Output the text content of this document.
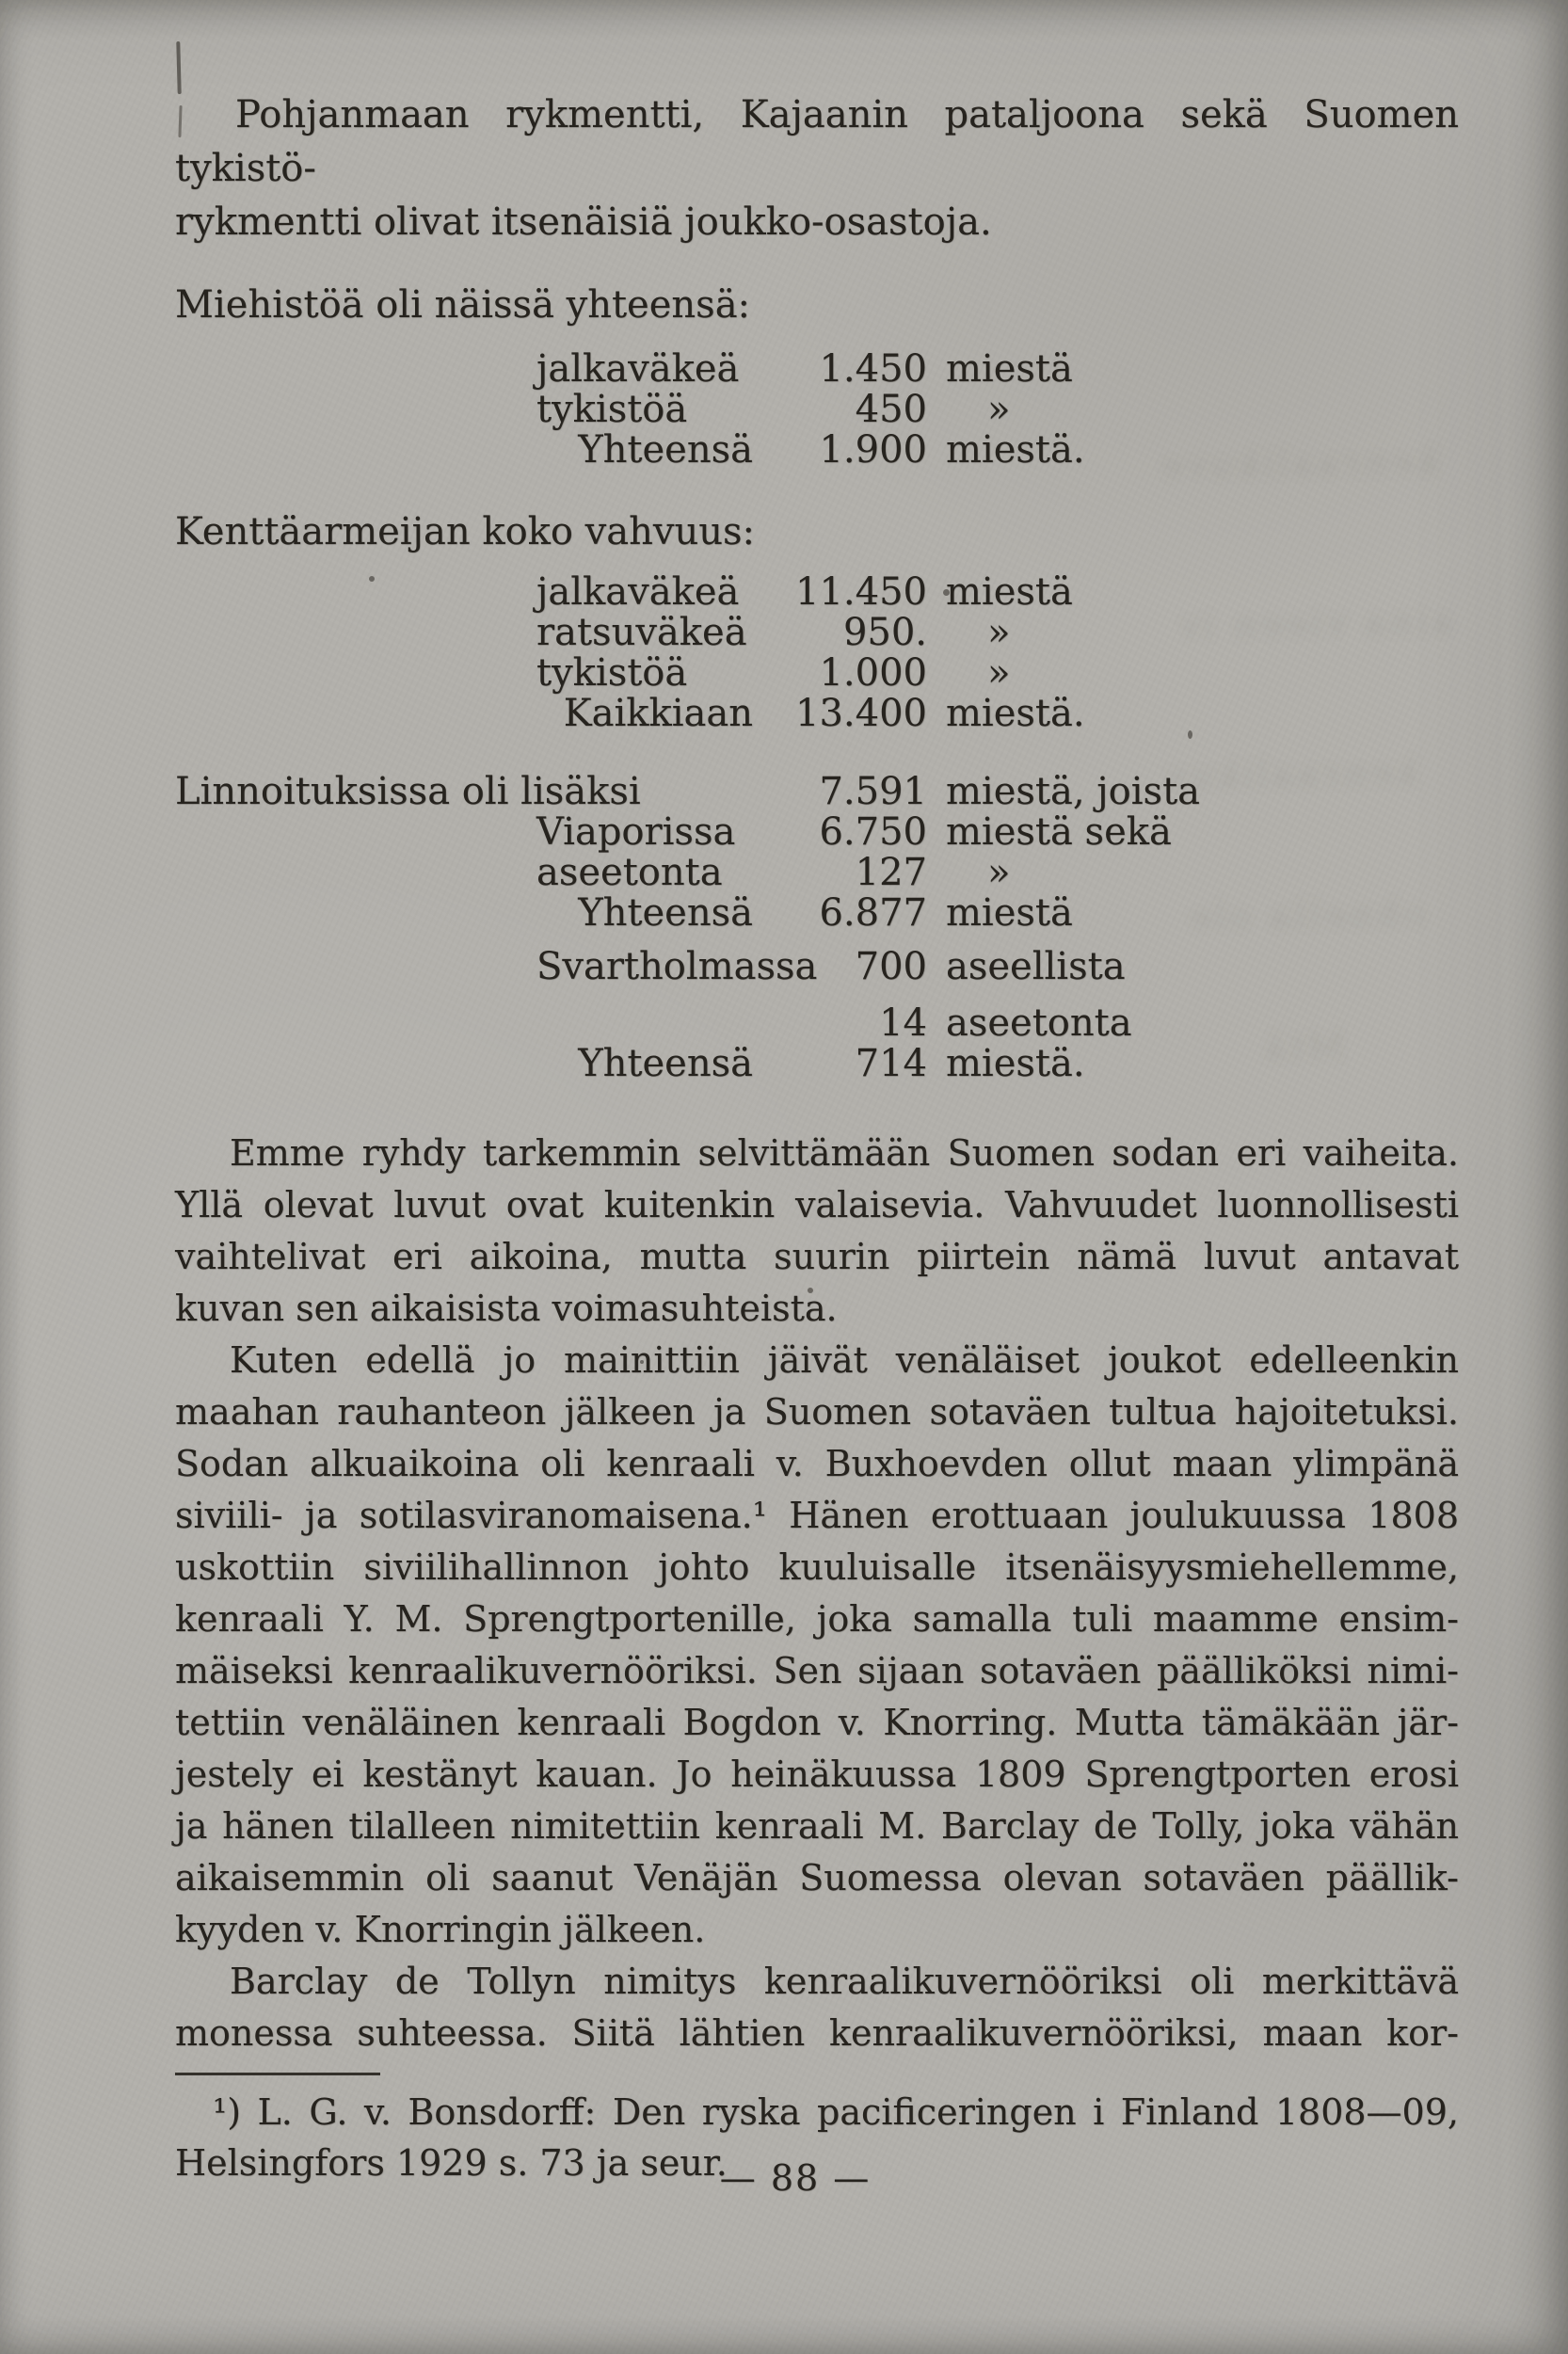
kenraalikuve
aina vieen iv
kenraalikuv
ohnella ole
Mtä
Pohjanmaan rykmentti, Kajaanin pataljoona sekä Suomen tykistö-
rykmentti olivat itsenäisiä joukko-osastoja.
Miehistöä oli näissä yhteensä:
jalkaväkeä	1.450 miestä
tykistöä	450	»
Yhteensä	1.900 miestä.
Kenttäarmeijan koko vahvuus:
jalkaväkeä	11.450 miestä
ratsuväkeä	950.	»
tykistöä	1.000	»
Kaikkiaan	13.400 miestä.
Linnoituksissa oli lisäksi	7.591 miestä, joista
Viaporissa	6.750 miestä sekä
aseetonta	127	»
Yhteensä	6.877 miestä
Svartholmassa	700 aseellista
14 aseetonta
Yhteensä	714 miestä.
Emme ryhdy tarkemmin selvittämään Suomen sodan eri vaiheita.
Yllä olevat luvut ovat kuitenkin valaisevia. Vahvuudet luonnollisesti
vaihtelivat eri aikoina, mutta suurin piirtein nämä luvut antavat
kuvan sen aikaisista voimasuhteista.
Kuten edellä jo mainittiin jäivät venäläiset joukot edelleenkin
maahan rauhanteon jälkeen ja Suomen sotaväen tultua hajoitetuksi.
Sodan alkuaikoina oli kenraali v. Buxhoevden ollut maan ylimpänä
siviili- ja sotilasviranomaisena.¹ Hänen erottuaan joulukuussa 1808
uskottiin siviilihallinnon johto kuuluisalle itsenäisyysmiehellemme,
kenraali Y. M. Sprengtportenille, joka samalla tuli maamme ensim-
mäiseksi kenraalikuvernööriksi. Sen sijaan sotaväen päälliköksi nimi-
tettiin venäläinen kenraali Bogdon v. Knorring. Mutta tämäkään jär-
jestely ei kestänyt kauan. Jo heinäkuussa 1809 Sprengtporten erosi
ja hänen tilalleen nimitettiin kenraali M. Barclay de Tolly, joka vähän
aikaisemmin oli saanut Venäjän Suomessa olevan sotaväen päällik-
kyyden v. Knorringin jälkeen.
Barclay de Tollyn nimitys kenraalikuvernööriksi oli merkittävä
monessa suhteessa. Siitä lähtien kenraalikuvernööriksi, maan kor-
¹) L. G. v. Bonsdorff: Den ryska pacificeringen i Finland 1808—09,
Helsingfors 1929 s. 73 ja seur.
— 88 —
